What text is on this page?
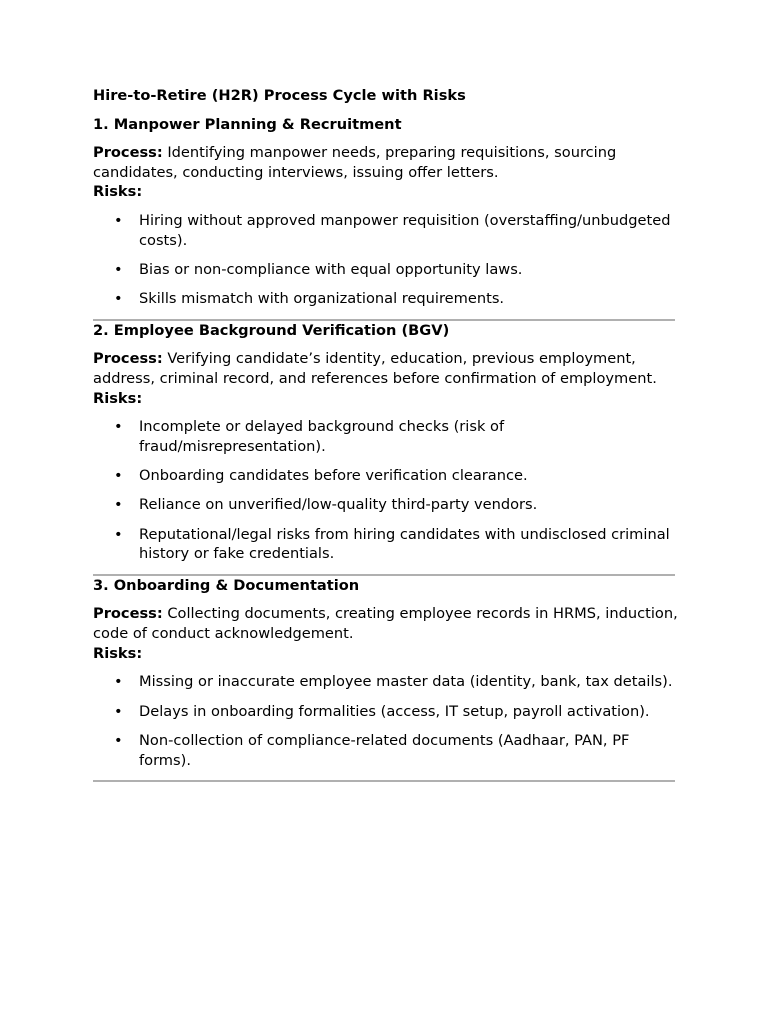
Hire-to-Retire (H2R) Process Cycle with Risks
1. Manpower Planning & Recruitment

Process: Identifying manpower needs, preparing requisitions, sourcing candidates, conducting interviews, issuing offer letters.

Risks:
• Hiring without approved manpower requisition (overstaffing/unbudgeted costs).
• Bias or non-compliance with equal opportunity laws.
• Skills mismatch with organizational requirements.
2. Employee Background Verification (BGV)

Process: Verifying candidate’s identity, education, previous employment, address, criminal record, and references before confirmation of employment.

Risks:
• Incomplete or delayed background checks (risk of fraud/misrepresentation).
• Onboarding candidates before verification clearance.
• Reliance on unverified/low-quality third-party vendors.
• Reputational/legal risks from hiring candidates with undisclosed criminal history or fake credentials.
3. Onboarding & Documentation

Process: Collecting documents, creating employee records in HRMS, induction, code of conduct acknowledgement.

Risks:
• Missing or inaccurate employee master data (identity, bank, tax details).
• Delays in onboarding formalities (access, IT setup, payroll activation).
• Non-collection of compliance-related documents (Aadhaar, PAN, PF forms).
